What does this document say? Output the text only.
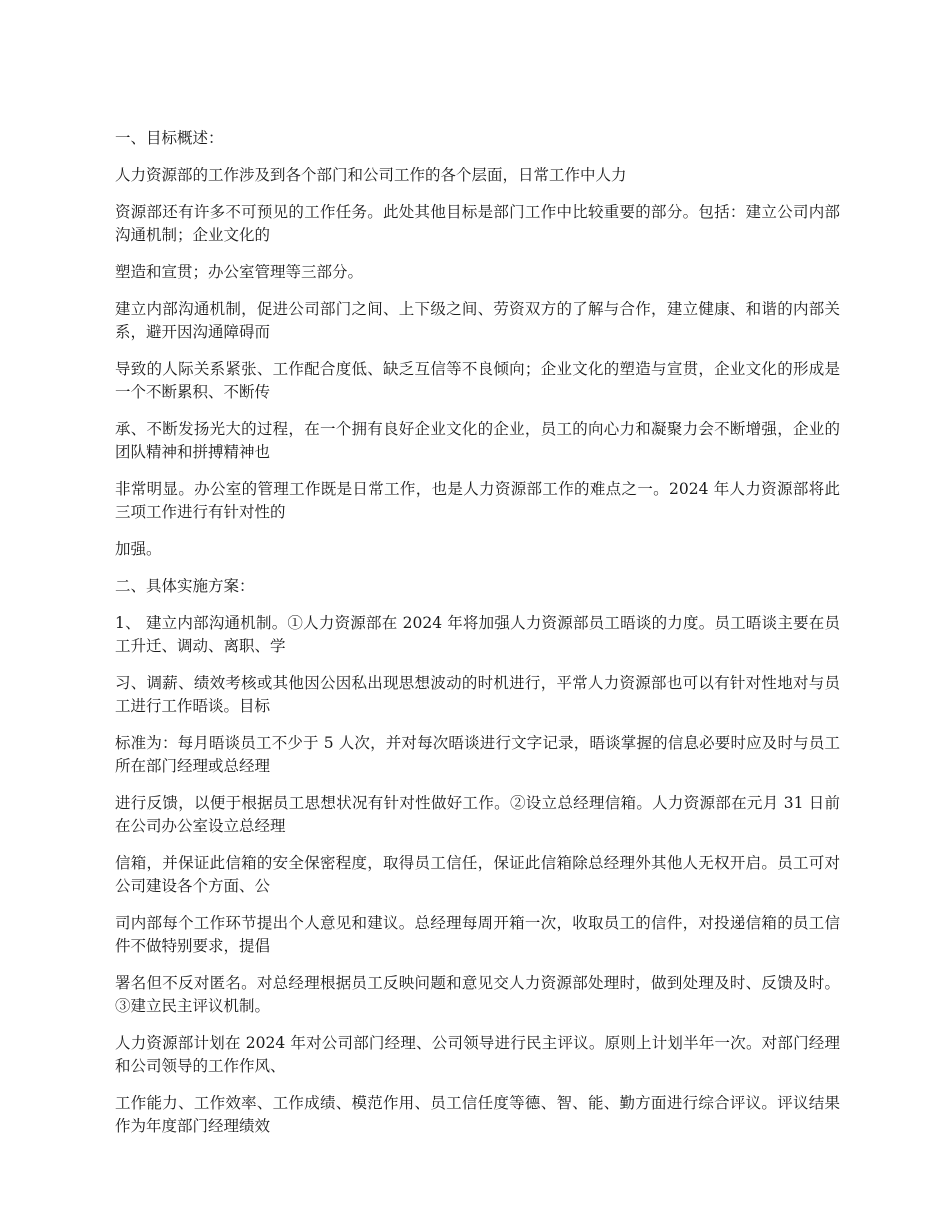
一、目标概述：

人力资源部的工作涉及到各个部门和公司工作的各个层面，日常工作中人力

资源部还有许多不可预见的工作任务。此处其他目标是部门工作中比较重要的部分。包括：建立公司内部沟通机制；企业文化的

塑造和宣贯；办公室管理等三部分。

建立内部沟通机制，促进公司部门之间、上下级之间、劳资双方的了解与合作，建立健康、和谐的内部关系，避开因沟通障碍而

导致的人际关系紧张、工作配合度低、缺乏互信等不良倾向；企业文化的塑造与宣贯，企业文化的形成是一个不断累积、不断传

承、不断发扬光大的过程，在一个拥有良好企业文化的企业，员工的向心力和凝聚力会不断增强，企业的团队精神和拼搏精神也

非常明显。办公室的管理工作既是日常工作，也是人力资源部工作的难点之一。2024 年人力资源部将此三项工作进行有针对性的

加强。

二、具体实施方案：

1、 建立内部沟通机制。①人力资源部在 2024 年将加强人力资源部员工晤谈的力度。员工晤谈主要在员工升迁、调动、离职、学

习、调薪、绩效考核或其他因公因私出现思想波动的时机进行，平常人力资源部也可以有针对性地对与员工进行工作晤谈。目标

标准为：每月晤谈员工不少于 5 人次，并对每次晤谈进行文字记录，晤谈掌握的信息必要时应及时与员工所在部门经理或总经理

进行反馈，以便于根据员工思想状况有针对性做好工作。②设立总经理信箱。人力资源部在元月 31 日前在公司办公室设立总经理

信箱，并保证此信箱的安全保密程度，取得员工信任，保证此信箱除总经理外其他人无权开启。员工可对公司建设各个方面、公

司内部每个工作环节提出个人意见和建议。总经理每周开箱一次，收取员工的信件，对投递信箱的员工信件不做特别要求，提倡

署名但不反对匿名。对总经理根据员工反映问题和意见交人力资源部处理时，做到处理及时、反馈及时。③建立民主评议机制。

人力资源部计划在 2024 年对公司部门经理、公司领导进行民主评议。原则上计划半年一次。对部门经理和公司领导的工作作风、

工作能力、工作效率、工作成绩、模范作用、员工信任度等德、智、能、勤方面进行综合评议。评议结果作为年度部门经理绩效
